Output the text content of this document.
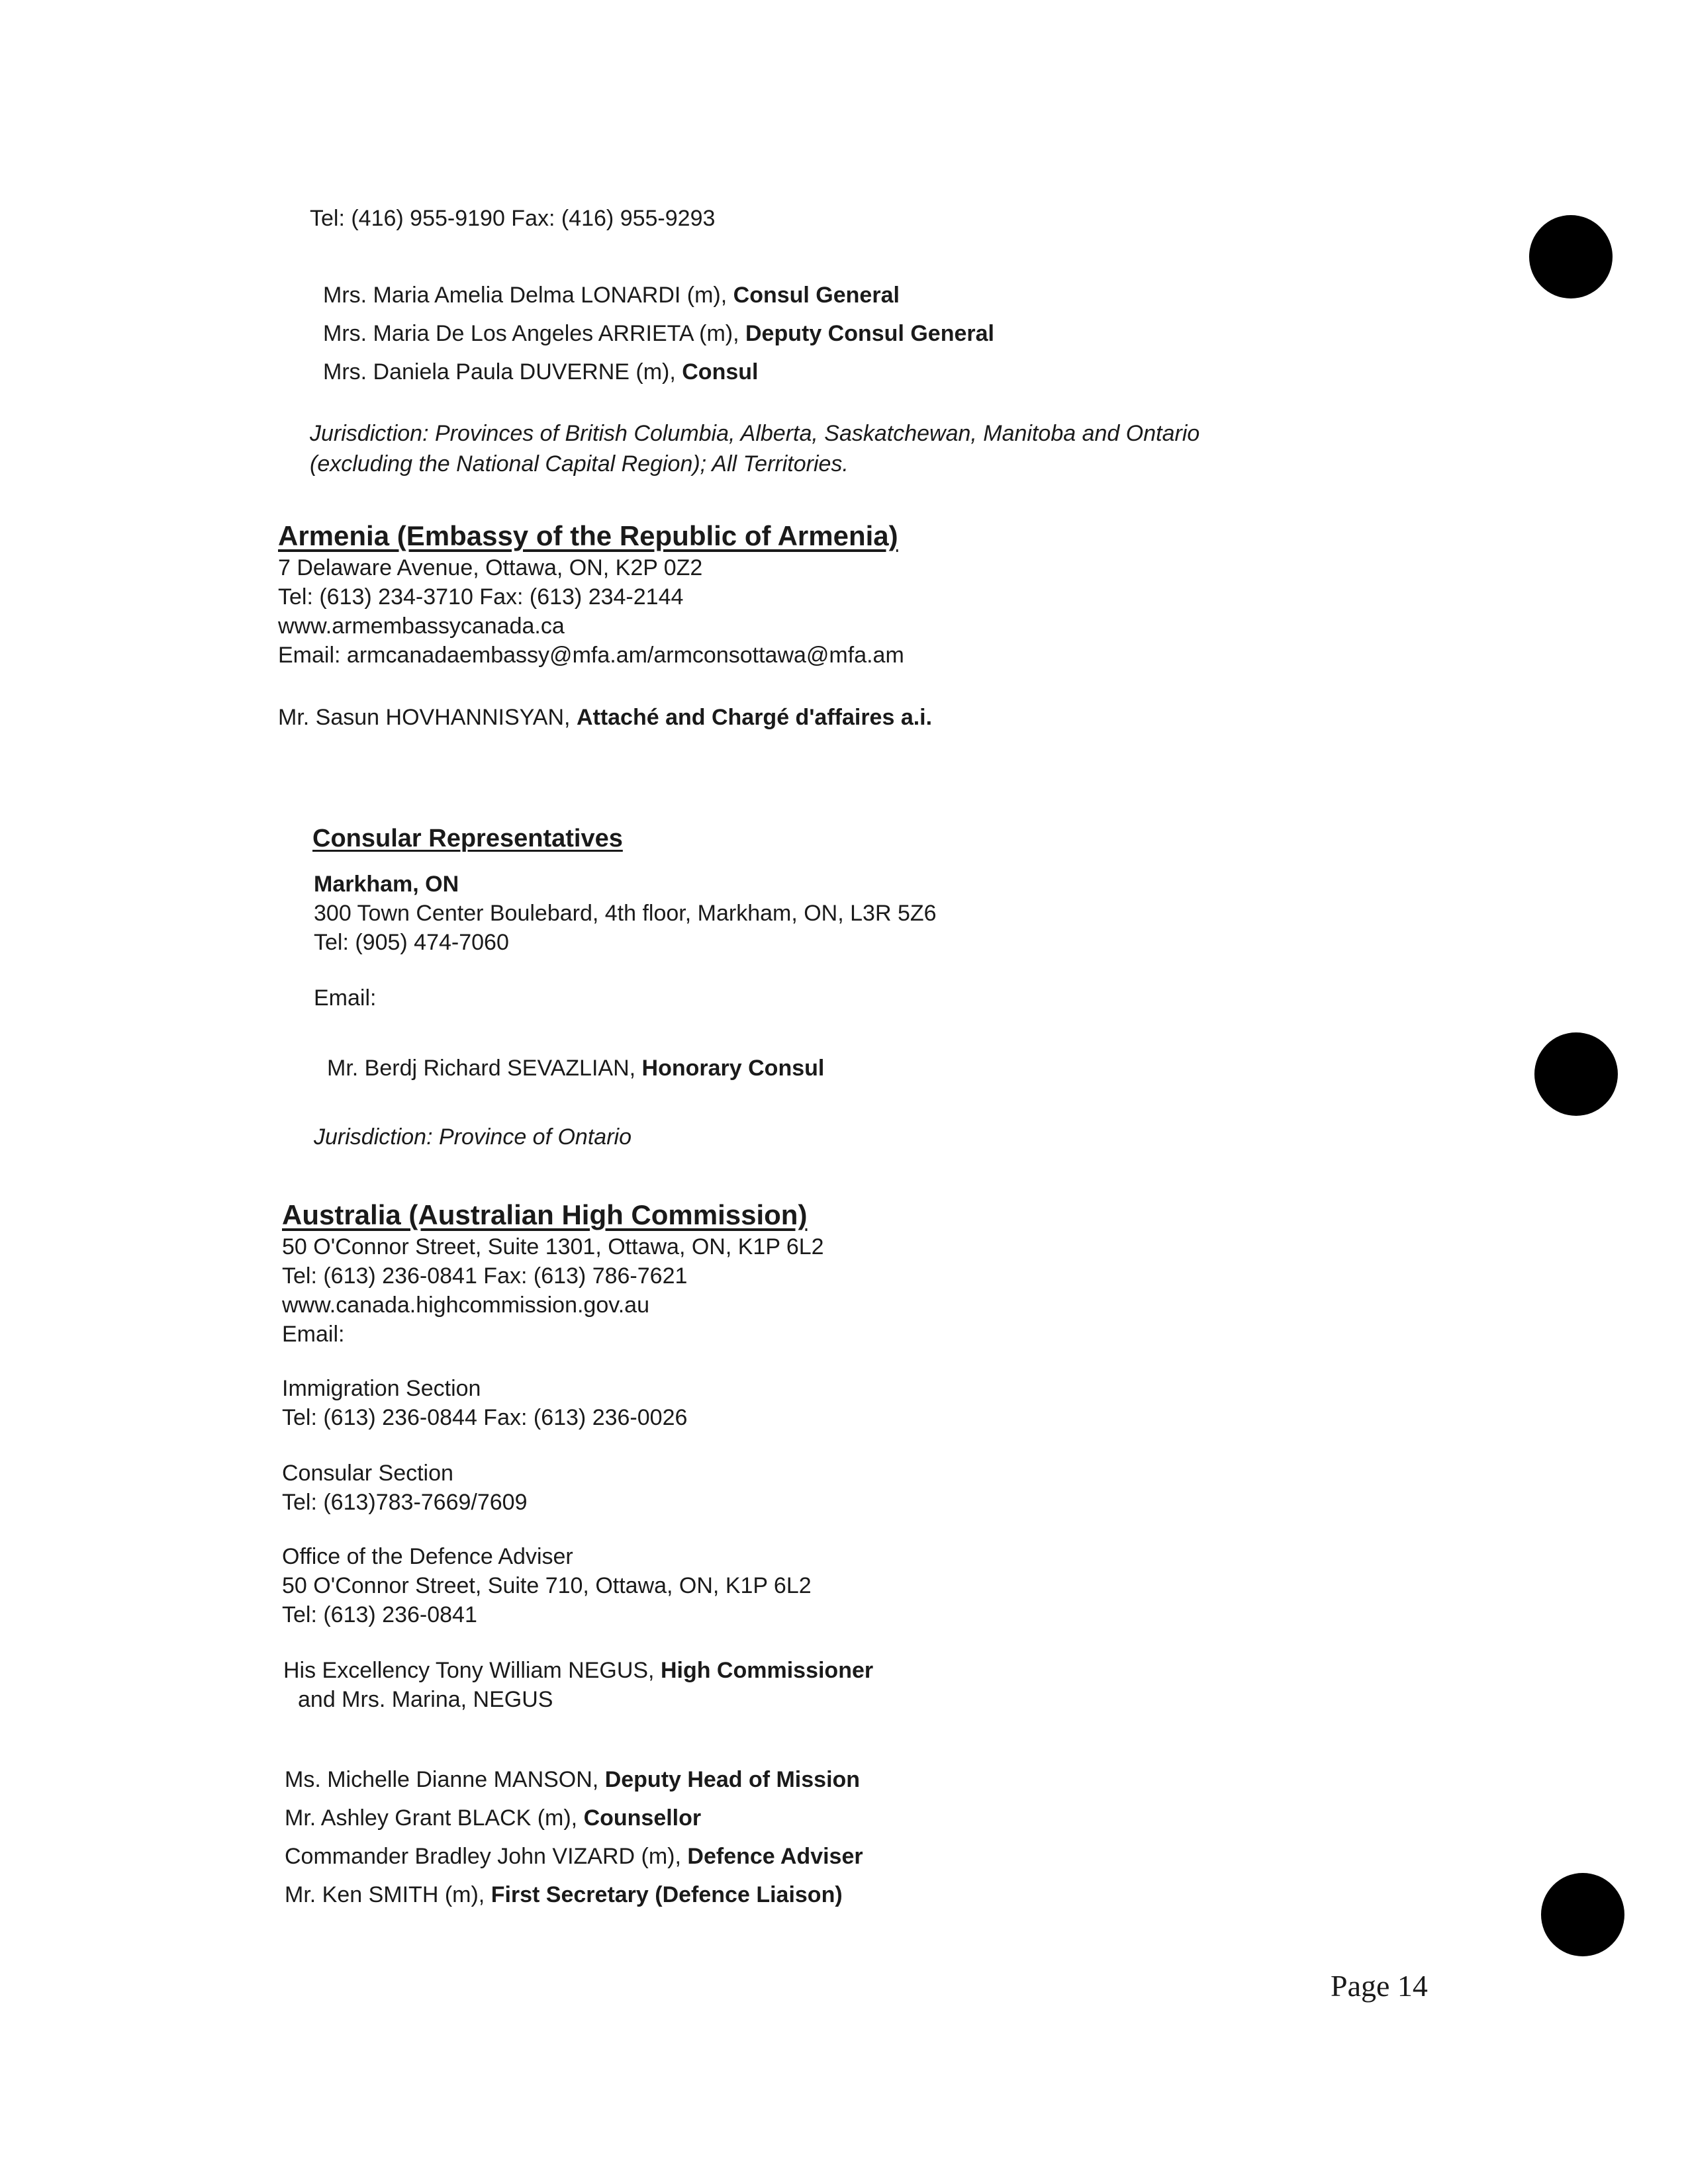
Tel: (416) 955-9190 Fax: (416) 955-9293
Mrs. Maria Amelia Delma LONARDI (m), Consul General
Mrs. Maria De Los Angeles ARRIETA (m), Deputy Consul General
Mrs. Daniela Paula DUVERNE (m), Consul
Jurisdiction: Provinces of British Columbia, Alberta, Saskatchewan, Manitoba and Ontario
(excluding the National Capital Region); All Territories.
Armenia (Embassy of the Republic of Armenia)
7 Delaware Avenue, Ottawa, ON, K2P 0Z2
Tel: (613) 234-3710 Fax: (613) 234-2144
www.armembassycanada.ca
Email: armcanadaembassy@mfa.am/armconsottawa@mfa.am
Mr. Sasun HOVHANNISYAN, Attaché and Chargé d'affaires a.i.
Consular Representatives
Markham, ON
300 Town Center Boulebard, 4th floor, Markham, ON, L3R 5Z6
Tel: (905) 474-7060
Email:
Mr. Berdj Richard SEVAZLIAN, Honorary Consul
Jurisdiction: Province of Ontario
Australia (Australian High Commission)
50 O'Connor Street, Suite 1301, Ottawa, ON, K1P 6L2
Tel: (613) 236-0841 Fax: (613) 786-7621
www.canada.highcommission.gov.au
Email:
Immigration Section
Tel: (613) 236-0844 Fax: (613) 236-0026
Consular Section
Tel: (613)783-7669/7609
Office of the Defence Adviser
50 O'Connor Street, Suite 710, Ottawa, ON, K1P 6L2
Tel: (613) 236-0841
His Excellency Tony William NEGUS, High Commissioner
and Mrs. Marina, NEGUS
Ms. Michelle Dianne MANSON, Deputy Head of Mission
Mr. Ashley Grant BLACK (m), Counsellor
Commander Bradley John VIZARD (m), Defence Adviser
Mr. Ken SMITH (m), First Secretary (Defence Liaison)
Page 14
